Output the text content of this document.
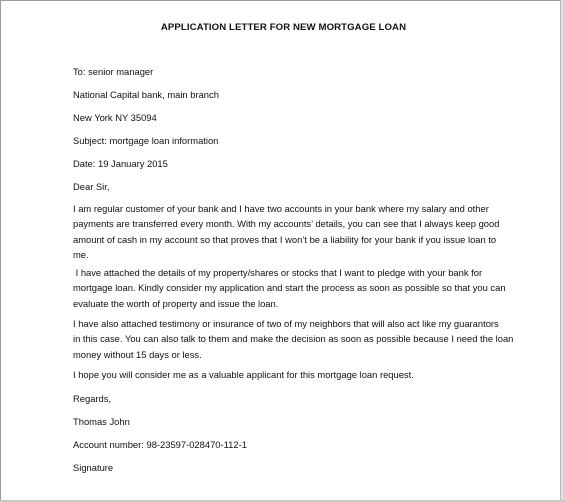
APPLICATION LETTER FOR NEW MORTGAGE LOAN
To: senior manager
National Capital bank, main branch
New York NY 35094
Subject: mortgage loan information
Date: 19 January 2015
Dear Sir,
I am regular customer of your bank and I have two accounts in your bank where my salary and other
payments are transferred every month. With my accounts’ details, you can see that I always keep good
amount of cash in my account so that proves that I won’t be a liability for your bank if you issue loan to
me.
I have attached the details of my property/shares or stocks that I want to pledge with your bank for
mortgage loan. Kindly consider my application and start the process as soon as possible so that you can
evaluate the worth of property and issue the loan.
I have also attached testimony or insurance of two of my neighbors that will also act like my guarantors
in this case. You can also talk to them and make the decision as soon as possible because I need the loan
money without 15 days or less.
I hope you will consider me as a valuable applicant for this mortgage loan request.
Regards,
Thomas John
Account number: 98-23597-028470-112-1
Signature
